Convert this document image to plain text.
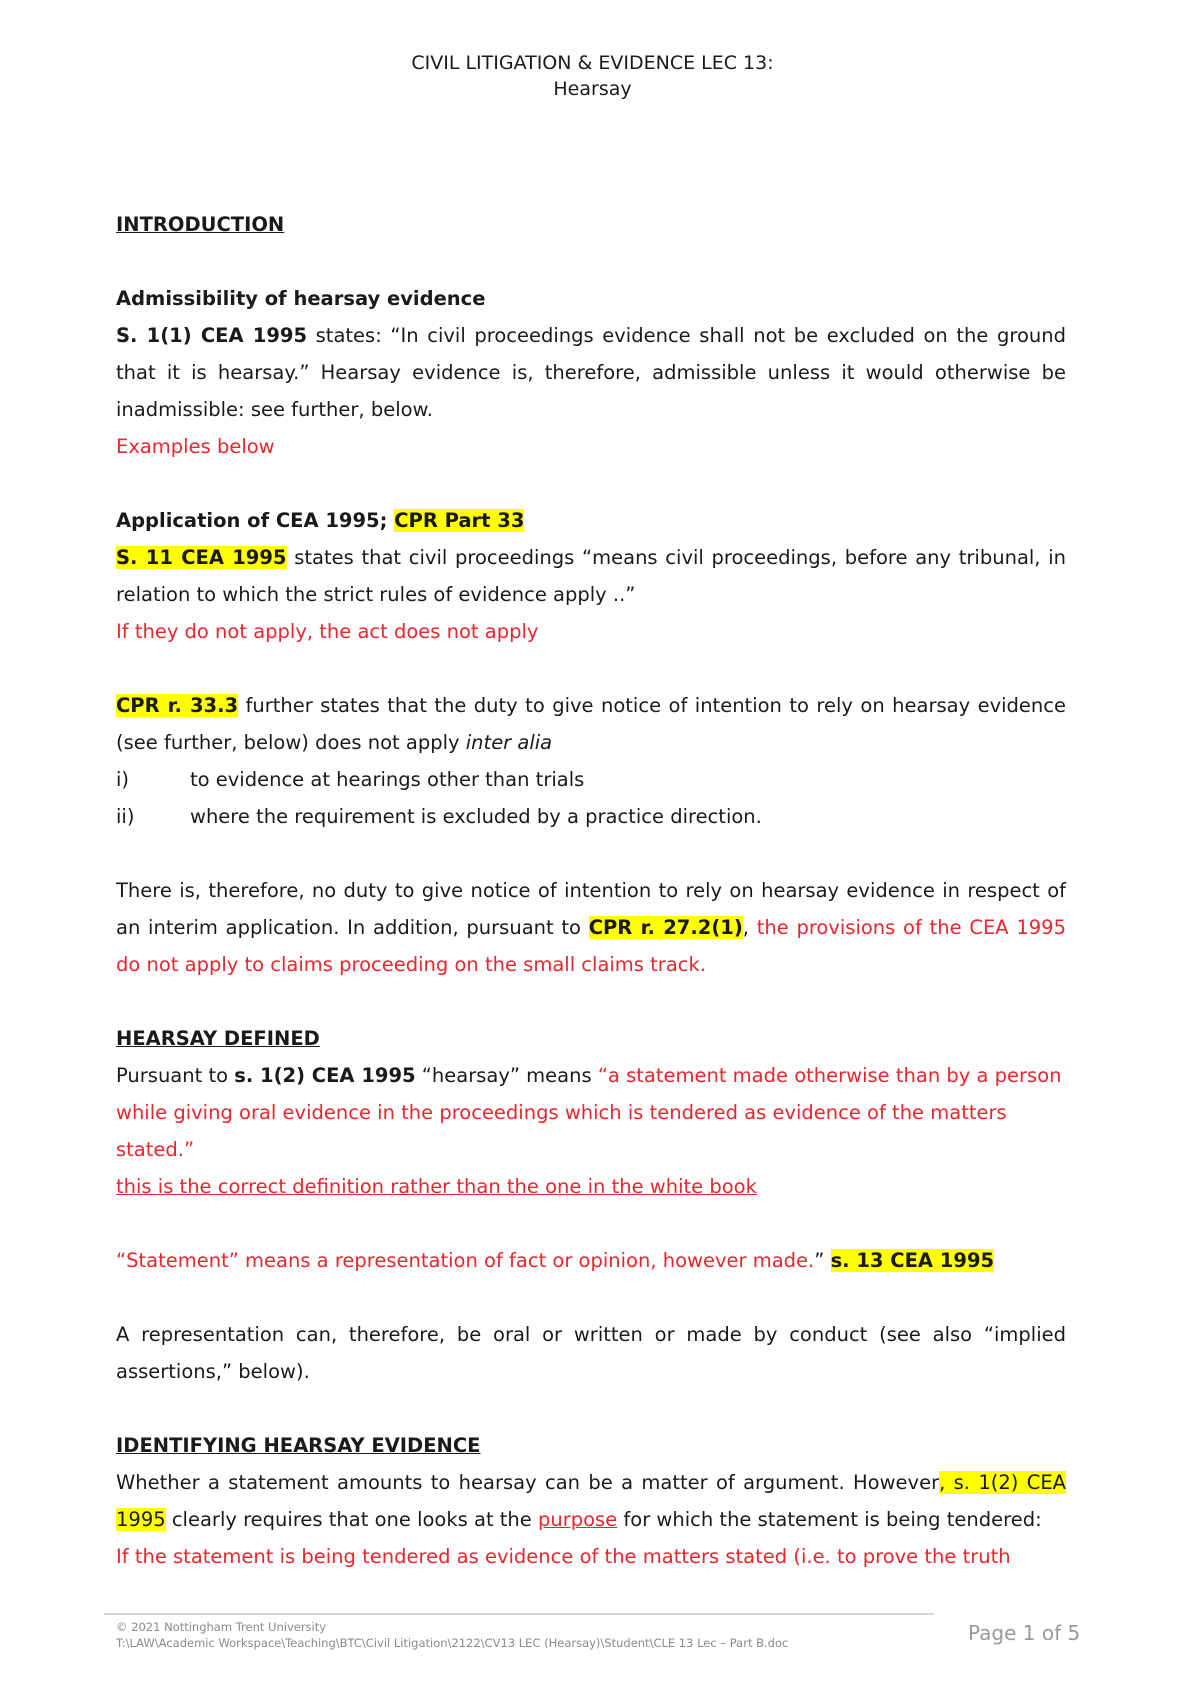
CIVIL LITIGATION & EVIDENCE LEC 13:
Hearsay

INTRODUCTION

Admissibility of hearsay evidence

S. 1(1) CEA 1995 states: “In civil proceedings evidence shall not be excluded on the ground that it is hearsay.” Hearsay evidence is, therefore, admissible unless it would otherwise be inadmissible: see further, below.

Examples below

Application of CEA 1995; CPR Part 33

S. 11 CEA 1995 states that civil proceedings “means civil proceedings, before any tribunal, in relation to which the strict rules of evidence apply ..”

If they do not apply, the act does not apply

CPR r. 33.3 further states that the duty to give notice of intention to rely on hearsay evidence (see further, below) does not apply inter alia

i)	to evidence at hearings other than trials
ii)	where the requirement is excluded by a practice direction.

There is, therefore, no duty to give notice of intention to rely on hearsay evidence in respect of an interim application. In addition, pursuant to CPR r. 27.2(1), the provisions of the CEA 1995 do not apply to claims proceeding on the small claims track.

HEARSAY DEFINED

Pursuant to s. 1(2) CEA 1995 “hearsay” means “a statement made otherwise than by a person while giving oral evidence in the proceedings which is tendered as evidence of the matters stated.”

this is the correct definition rather than the one in the white book

“Statement” means a representation of fact or opinion, however made.” s. 13 CEA 1995

A representation can, therefore, be oral or written or made by conduct (see also “implied assertions,” below).

IDENTIFYING HEARSAY EVIDENCE

Whether a statement amounts to hearsay can be a matter of argument. However, s. 1(2) CEA 1995 clearly requires that one looks at the purpose for which the statement is being tendered:

If the statement is being tendered as evidence of the matters stated (i.e. to prove the truth

© 2021 Nottingham Trent University
T:\LAW\Academic Workspace\Teaching\BTC\Civil Litigation\2122\CV13 LEC (Hearsay)\Student\CLE 13 Lec – Part B.doc	Page 1 of 5
